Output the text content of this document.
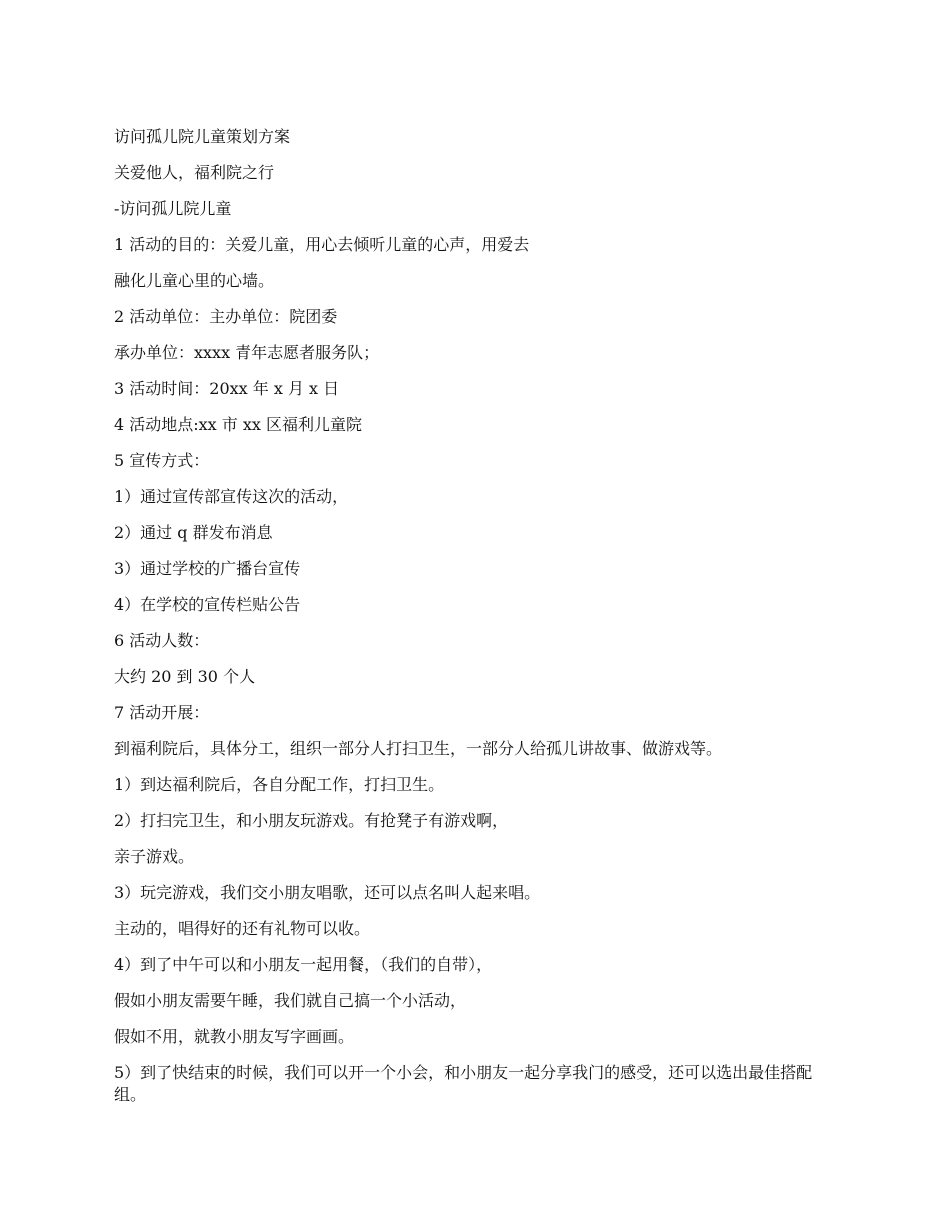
访问孤儿院儿童策划方案

关爱他人，福利院之行

-访问孤儿院儿童

1 活动的目的：关爱儿童，用心去倾听儿童的心声，用爱去

融化儿童心里的心墙。

2 活动单位：主办单位：院团委

承办单位：xxxx 青年志愿者服务队；

3 活动时间：20xx 年 x 月 x 日

4 活动地点:xx 市 xx 区福利儿童院

5 宣传方式：

1）通过宣传部宣传这次的活动，

2）通过 q 群发布消息

3）通过学校的广播台宣传

4）在学校的宣传栏贴公告

6 活动人数：

大约 20 到 30 个人

7 活动开展：

到福利院后，具体分工，组织一部分人打扫卫生，一部分人给孤儿讲故事、做游戏等。

1）到达福利院后，各自分配工作，打扫卫生。

2）打扫完卫生，和小朋友玩游戏。有抢凳子有游戏啊，

亲子游戏。

3）玩完游戏，我们交小朋友唱歌，还可以点名叫人起来唱。

主动的，唱得好的还有礼物可以收。

4）到了中午可以和小朋友一起用餐，（我们的自带），

假如小朋友需要午睡，我们就自己搞一个小活动，

假如不用，就教小朋友写字画画。

5）到了快结束的时候，我们可以开一个小会，和小朋友一起分享我门的感受，还可以选出最佳搭配组。
